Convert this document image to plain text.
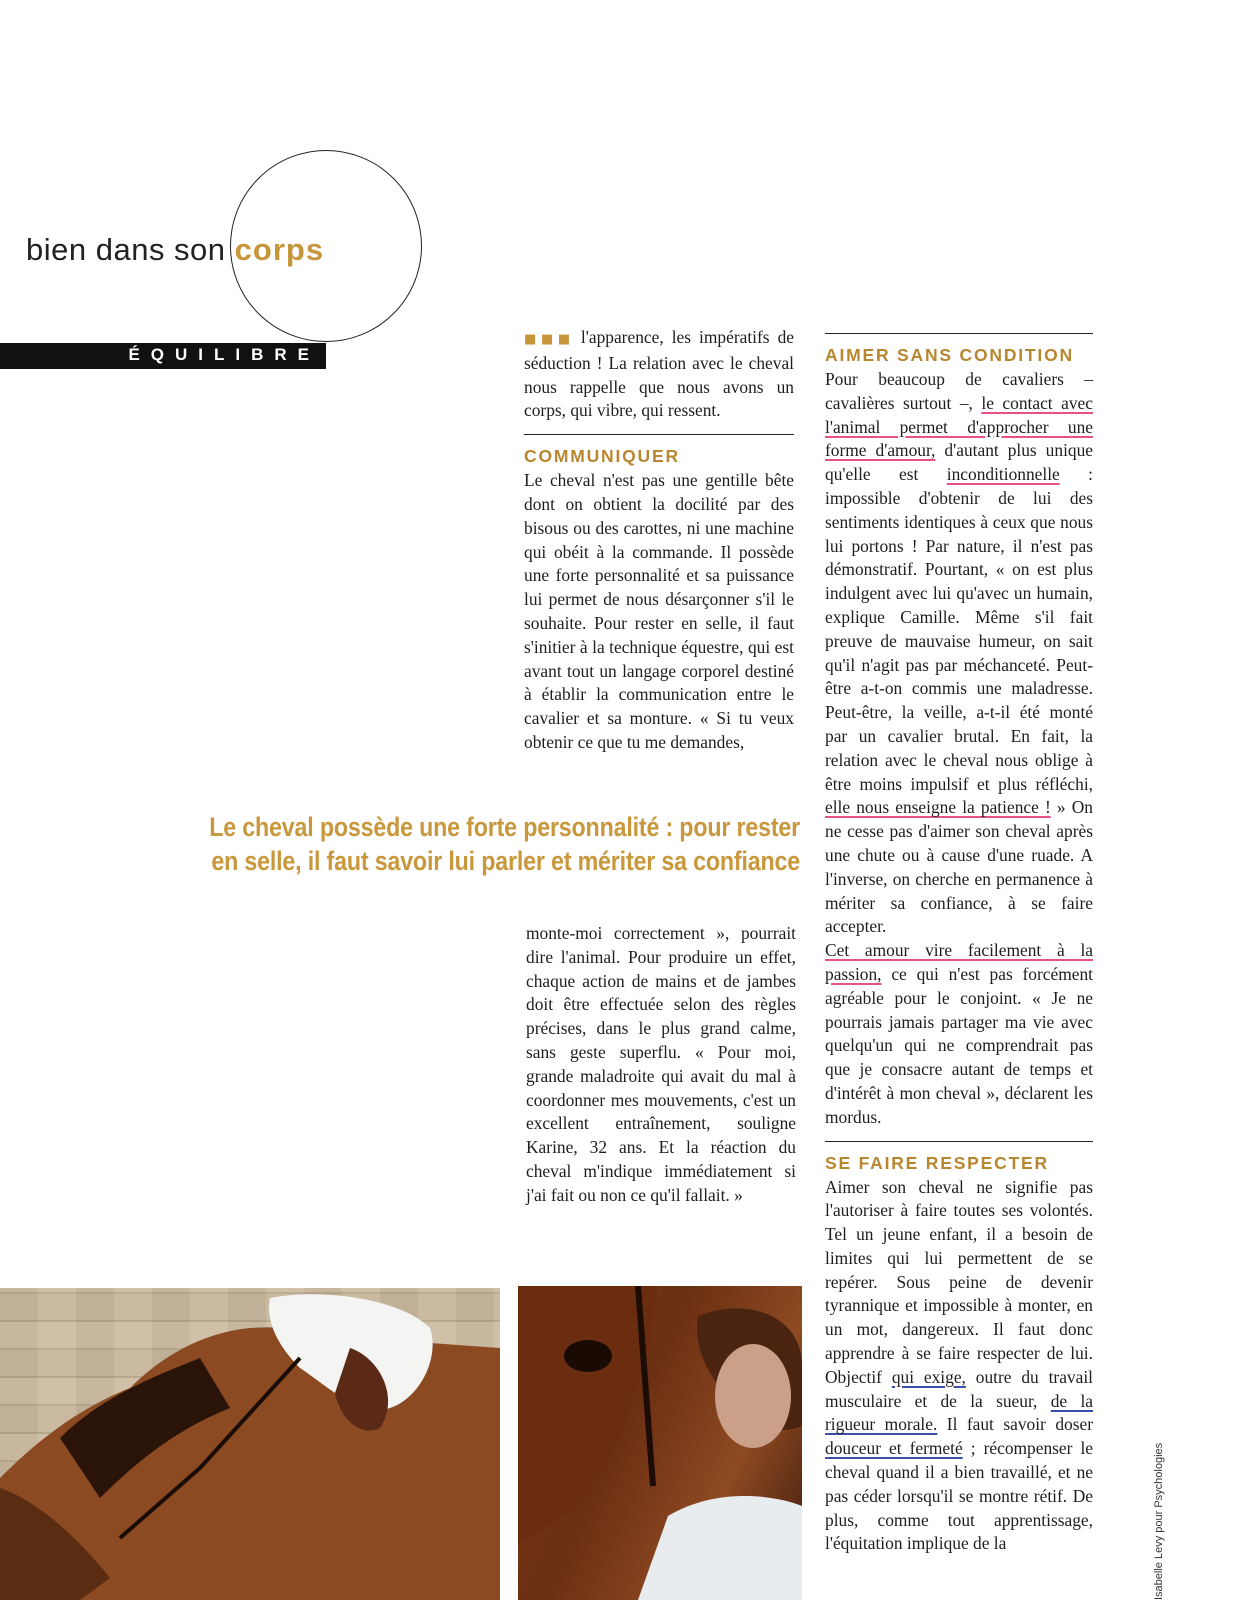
bien dans son corps
ÉQUILIBRE

■■■ l'apparence, les impératifs de séduction ! La relation avec le cheval nous rappelle que nous avons un corps, qui vibre, qui ressent.

COMMUNIQUER

Le cheval n'est pas une gentille bête dont on obtient la docilité par des bisous ou des carottes, ni une machine qui obéit à la commande. Il possède une forte personnalité et sa puissance lui permet de nous désarçonner s'il le souhaite. Pour rester en selle, il faut s'initier à la technique équestre, qui est avant tout un langage corporel destiné à établir la communication entre le cavalier et sa monture. « Si tu veux obtenir ce que tu me demandes,

Le cheval possède une forte personnalité : pour rester
en selle, il faut savoir lui parler et mériter sa confiance

monte-moi correctement », pourrait dire l'animal. Pour produire un effet, chaque action de mains et de jambes doit être effectuée selon des règles précises, dans le plus grand calme, sans geste superflu. « Pour moi, grande maladroite qui avait du mal à coordonner mes mouvements, c'est un excellent entraînement, souligne Karine, 32 ans. Et la réaction du cheval m'indique immédiatement si j'ai fait ou non ce qu'il fallait. »

AIMER SANS CONDITION

Pour beaucoup de cavaliers – cavalières surtout –, le contact avec l'animal permet d'approcher une forme d'amour, d'autant plus unique qu'elle est inconditionnelle : impossible d'obtenir de lui des sentiments identiques à ceux que nous lui portons ! Par nature, il n'est pas démonstratif. Pourtant, « on est plus indulgent avec lui qu'avec un humain, explique Camille. Même s'il fait preuve de mauvaise humeur, on sait qu'il n'agit pas par méchanceté. Peut-être a-t-on commis une maladresse. Peut-être, la veille, a-t-il été monté par un cavalier brutal. En fait, la relation avec le cheval nous oblige à être moins impulsif et plus réfléchi, elle nous enseigne la patience ! » On ne cesse pas d'aimer son cheval après une chute ou à cause d'une ruade. A l'inverse, on cherche en permanence à mériter sa confiance, à se faire accepter.

Cet amour vire facilement à la passion, ce qui n'est pas forcément agréable pour le conjoint. « Je ne pourrais jamais partager ma vie avec quelqu'un qui ne comprendrait pas que je consacre autant de temps et d'intérêt à mon cheval », déclarent les mordus.

SE FAIRE RESPECTER

Aimer son cheval ne signifie pas l'autoriser à faire toutes ses volontés. Tel un jeune enfant, il a besoin de limites qui lui permettent de se repérer. Sous peine de devenir tyrannique et impossible à monter, en un mot, dangereux. Il faut donc apprendre à se faire respecter de lui. Objectif qui exige, outre du travail musculaire et de la sueur, de la rigueur morale. Il faut savoir doser douceur et fermeté ; récompenser le cheval quand il a bien travaillé, et ne pas céder lorsqu'il se montre rétif. De plus, comme tout apprentissage, l'équitation implique de la	Isabelle Levy pour Psychologies
